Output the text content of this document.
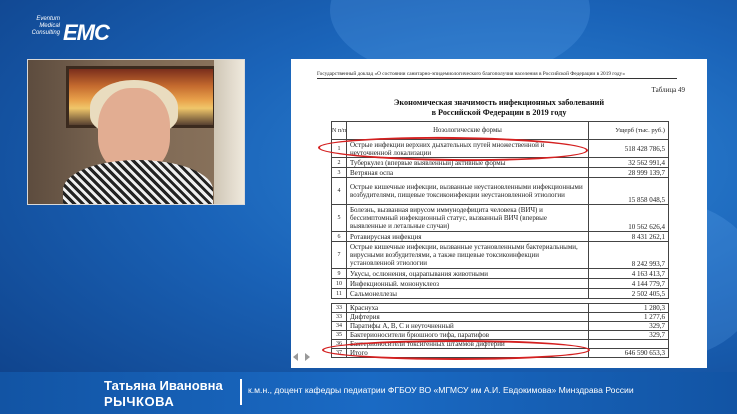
Eventum
Medical
Consulting EMC
Государственный доклад «О состоянии санитарно-эпидемиологического благополучия населения в Российской Федерации в 2019 году»
Таблица 49
Экономическая значимость инфекционных заболеваний
в Российской Федерации в 2019 году
N п/п	Нозологические формы	Ущерб (тыс. руб.)
1	Острые инфекции верхних дыхательных путей множественной и неуточненной локализации	518 428 786,5
2	Туберкулез (впервые выявленный) активные формы	32 562 991,4
3	Ветряная оспа	28 999 139,7
4	Острые кишечные инфекции, вызванные неустановленными инфекционными возбудителями, пищевые токсикоинфекции неустановленной этиологии	15 858 048,5
5	Болезнь, вызванная вирусом иммунодефицита человека (ВИЧ) и бессимптомный инфекционный статус, вызванный ВИЧ (впервые выявленные и летальные случаи)	10 562 626,4
6	Ротавирусная инфекция	8 431 262,1
7	Острые кишечные инфекции, вызванные установленными бактериальными, вирусными возбудителями, а также пищевые токсикоинфекции установленной этиологии	8 242 993,7
9	Укусы, ослюнения, оцарапывания животными	4 163 413,7
10	Инфекционный. мононуклеоз	4 144 779,7
11	Сальмонеллезы	2 502 405,5
33	Краснуха	1 280,3
33	Дифтерия	1 277,6
34	Паратифы А, В, С и неуточненный	329,7
35	Бактерионосители брюшного тифа, паратифов	329,7
36	Бактерионосители токсигенных штаммов дифтерии	
37	Итого	646 590 653,3
Татьяна Ивановна
РЫЧКОВА
к.м.н., доцент кафедры педиатрии ФГБОУ ВО «МГМСУ им А.И. Евдокимова» Минздрава России
